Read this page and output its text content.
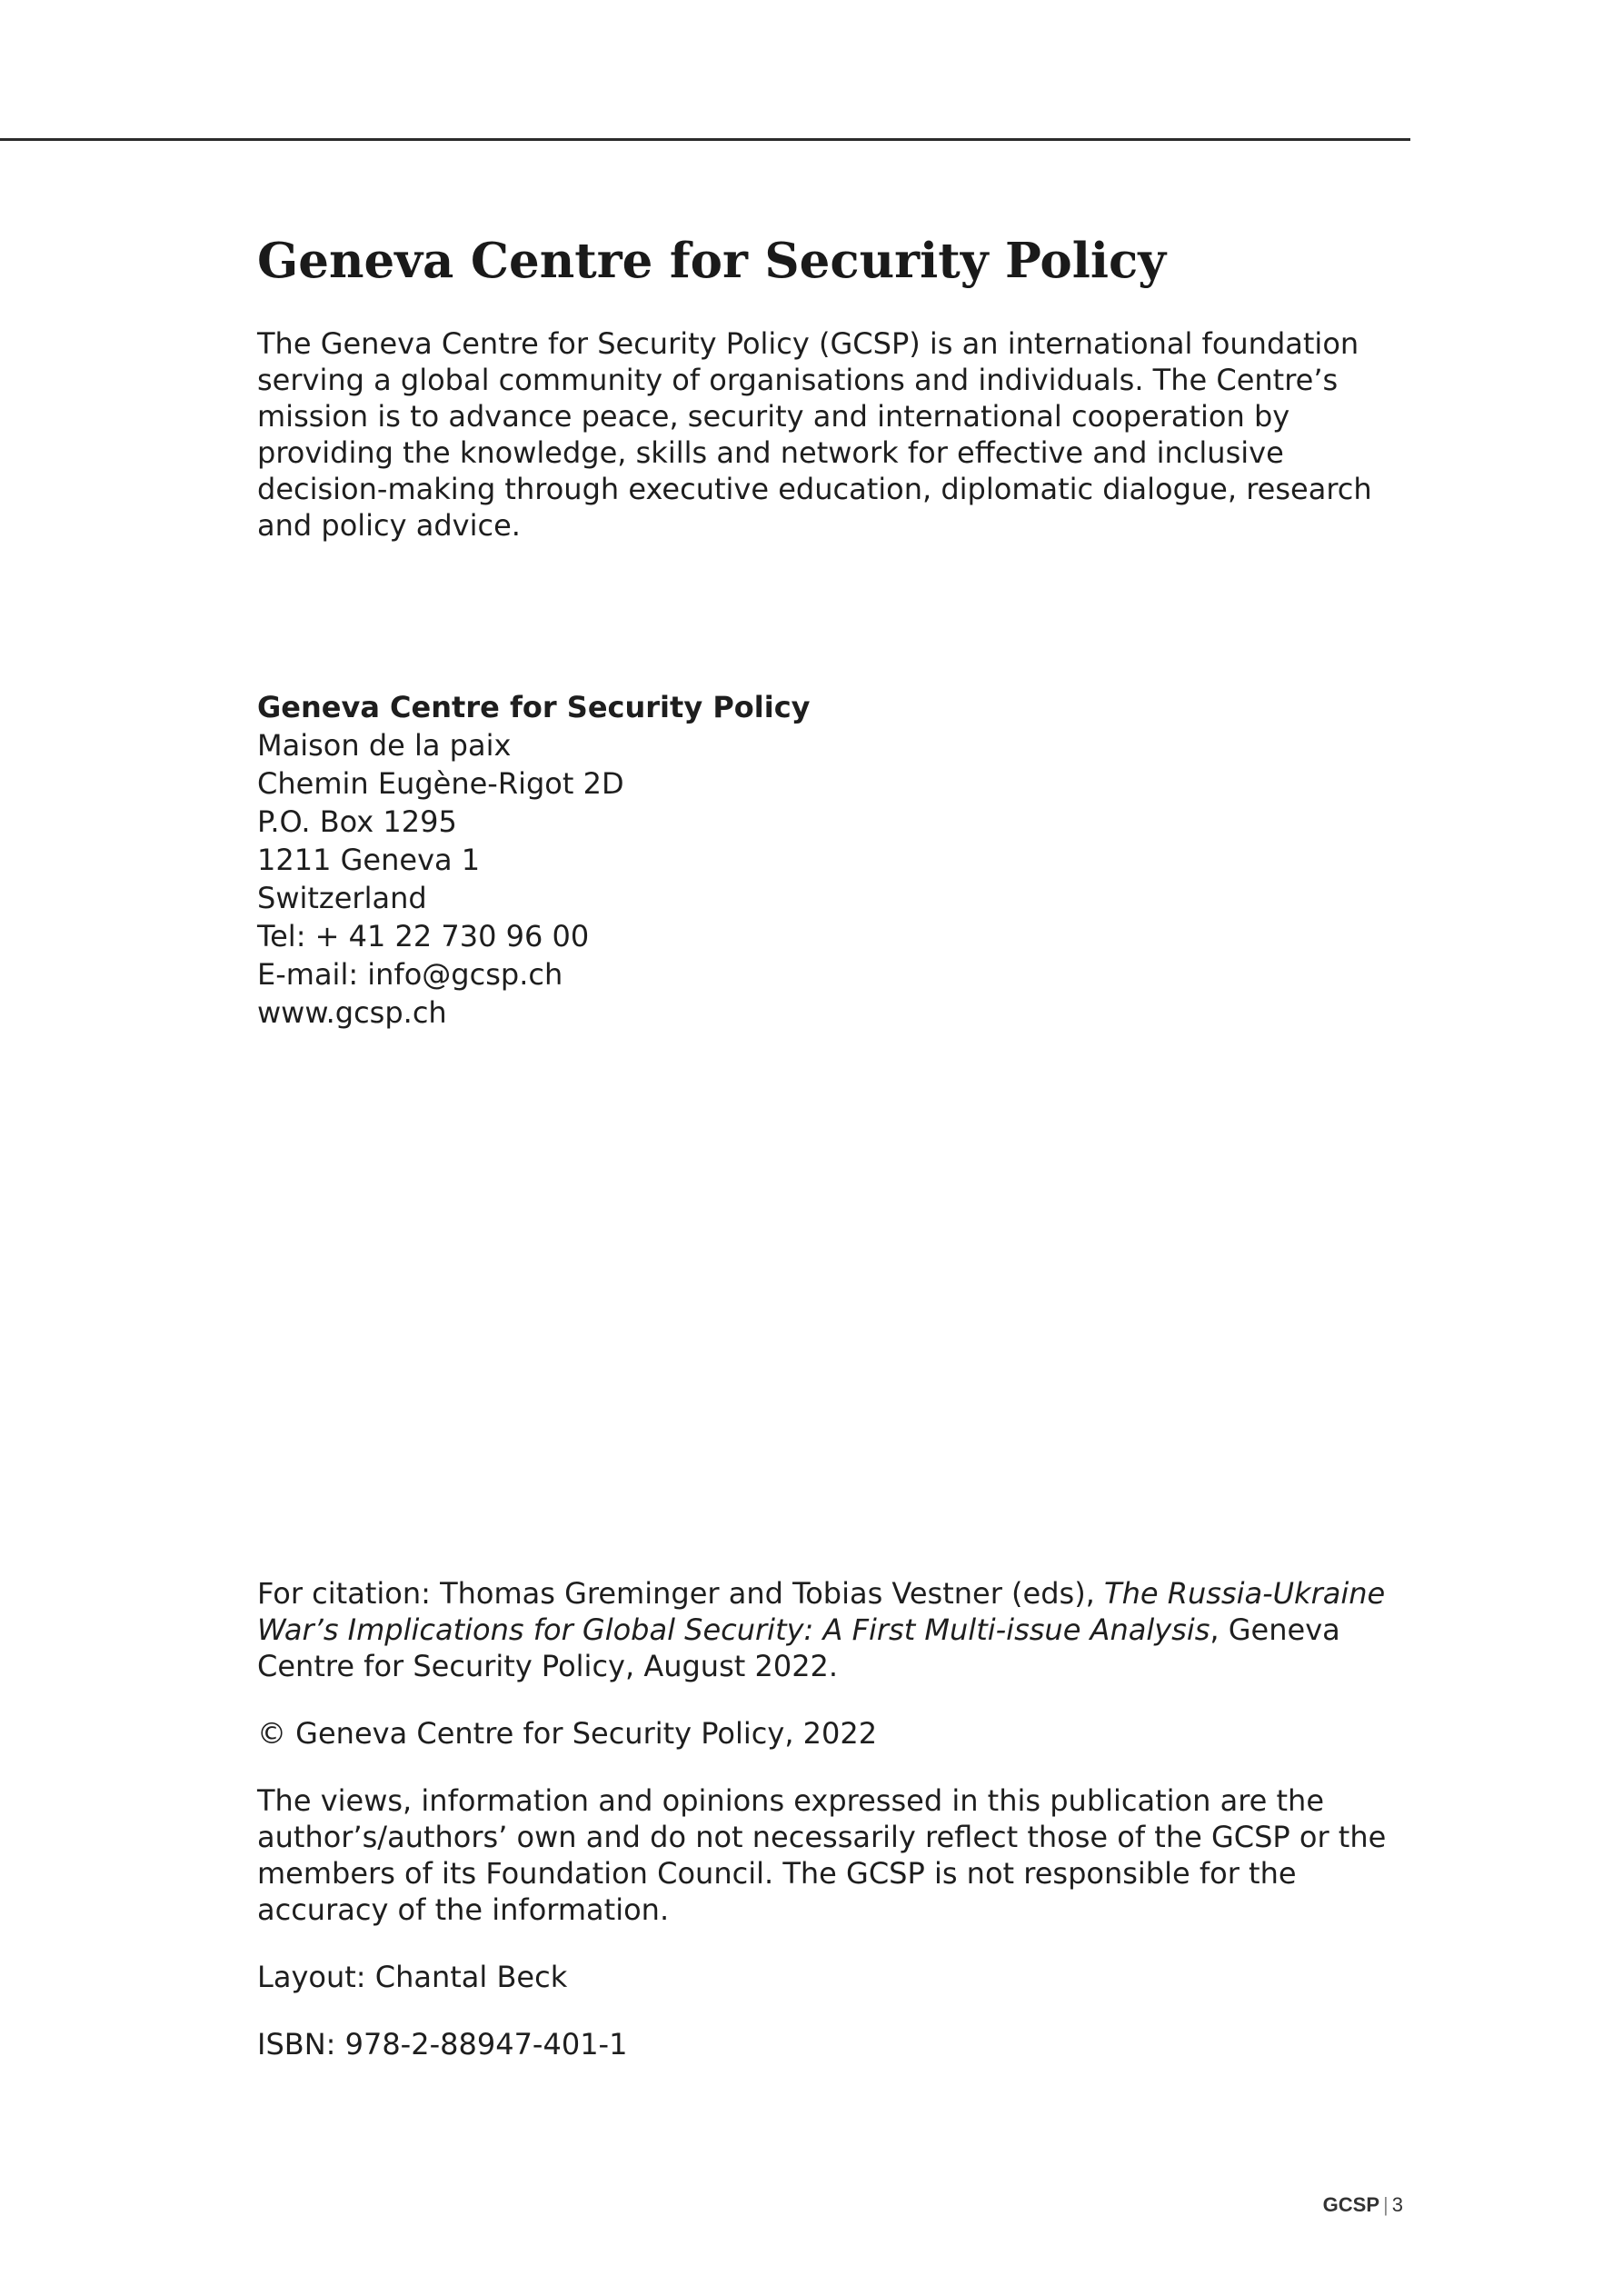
Geneva Centre for Security Policy

The Geneva Centre for Security Policy (GCSP) is an international foundation serving a global community of organisations and individuals. The Centre’s mission is to advance peace, security and international cooperation by providing the knowledge, skills and network for effective and inclusive decision-making through executive education, diplomatic dialogue, research and policy advice.

Geneva Centre for Security Policy
Maison de la paix
Chemin Eugène-Rigot 2D
P.O. Box 1295
1211 Geneva 1
Switzerland
Tel: + 41 22 730 96 00
E-mail: info@gcsp.ch
www.gcsp.ch

For citation: Thomas Greminger and Tobias Vestner (eds), The Russia-Ukraine War’s Implications for Global Security: A First Multi-issue Analysis, Geneva Centre for Security Policy, August 2022.

© Geneva Centre for Security Policy, 2022

The views, information and opinions expressed in this publication are the author’s/authors’ own and do not necessarily reflect those of the GCSP or the members of its Foundation Council. The GCSP is not responsible for the accuracy of the information.

Layout: Chantal Beck

ISBN: 978-2-88947-401-1

GCSP | 3
